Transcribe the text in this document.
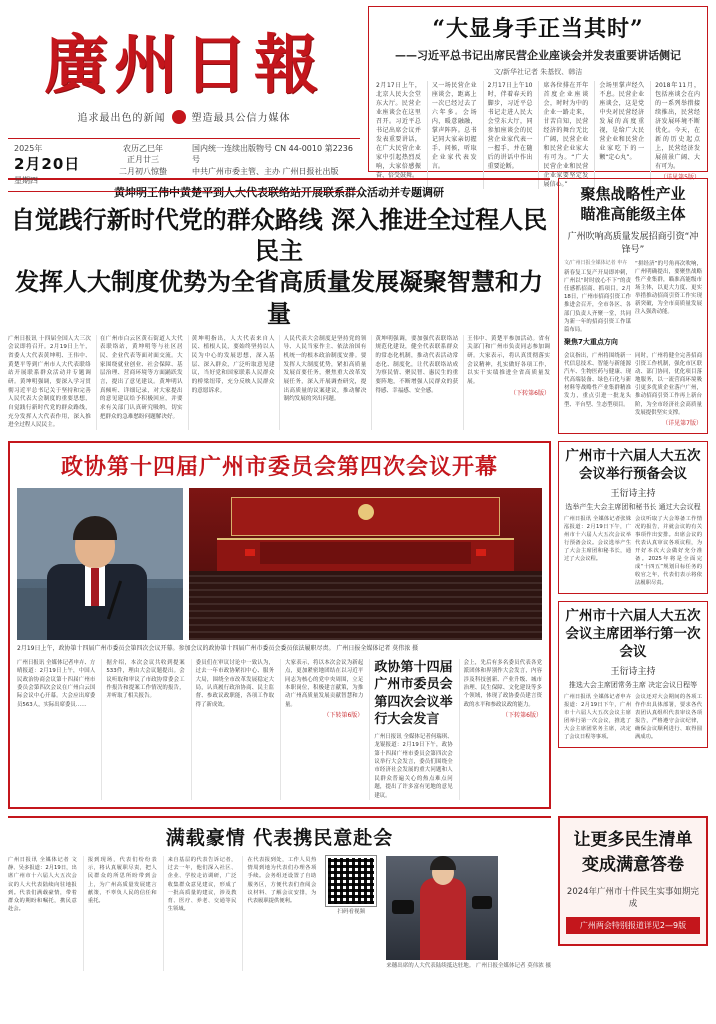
廣州日報
追求最出色的新闻	塑造最具公信力媒体
2025年
2月20日
星期四
农历乙巳年
正月廿三
二月初八惊蛰
国内统一连续出版物号 CN 44-0010 第2236号
中共广州市委主管、主办 广州日报社出版
“大显身手正当其时”
——习近平总书记出席民营企业座谈会并发表重要讲话侧记
文/新华社记者 朱基钗、韩洁
2月17日上午，北京人民大会堂东大厅。民营企业座谈会在这里召开。习近平总书记出席会议并发表重要讲话，在广大民营企业家中引起热烈反响，大家倍感振奋、倍受鼓舞。
又一场民营企业座谈会，距离上一次已经过去了六年多。会场内，暖意融融，掌声阵阵。总书记同大家亲切握手、问候，听取企业家代表发言。
2月17日上午10时，伴着春天的脚步，习近平总书记走进人民大会堂东大厅，同参加座谈会的民营企业家代表一一握手，并在随后的讲话中作出重要论断。
席各位排在开年首度企业座谈会，时时为中的企业一路走来，甘苦自知，民营经济的舞台无比广阔，民营企业和民营企业家大有可为。“广大民营企业和民营企业家要坚定发展信心。”
会场里掌声经久不息。民营企业座谈会，这是党中央对民营经济发展的高度重视，是给广大民营企业和民营企业家吃下的一颗“定心丸”。
2018年11月，包括座谈会在内的一系列举措接续推出，民营经济发展环境不断优化。今天，在新的历史起点上，民营经济发展前景广阔、大有可为。
（详见第5版）
黄坤明王伟中黄楚平到人大代表联络站开展联系群众活动并专题调研
自觉践行新时代党的群众路线 深入推进全过程人民民主
发挥人大制度优势为全省高质量发展凝聚智慧和力量
广州日报讯 十四届全国人大三次会议即将召开。2月19日上午，省委人大代表黄坤明、王伟中、黄楚平等到广州市人大代表联络站开展联系群众活动并专题调研。黄坤明强调，要深入学习贯彻习近平总书记关于坚持和完善人民代表大会制度的重要思想，自觉践行新时代党的群众路线，充分发挥人大代表作用，深入推进全过程人民民主。
在广州市白云区黄石街道人大代表联络站，黄坤明等与社区居民、企业代表等面对面交流。大家围绕就业创业、社会保障、基层治理、营商环境等方面踊跃发言，提出了意见建议。黄坤明认真倾听、详细记录，对大家提出的意见建议给予积极回应，并要求有关部门认真研究吸纳，切实把群众的急难愁盼问题解决好。
黄坤明指出，人大代表来自人民、植根人民，要始终坚持以人民为中心的发展思想，深入基层、深入群众，广泛听取意见建议，当好党和国家联系人民群众的桥梁纽带，充分反映人民群众的意愿诉求。
人民代表大会制度是坚持党的领导、人民当家作主、依法治国有机统一的根本政治制度安排。要发挥人大制度优势，紧扣高质量发展首要任务，聚焦重大改革发展任务，深入开展调查研究，提出高质量的议案建议，推动解决制约发展的突出问题。
黄坤明强调，要加强代表联络站规范化建设，健全代表联系群众的常态化机制，推动代表活动常态化、制度化，让代表联络站成为察民情、聚民智、惠民生的重要阵地，不断增强人民群众的获得感、幸福感、安全感。
王伟中、黄楚平参加活动。省有关部门和广州市负责同志参加调研。大家表示，将认真贯彻落实会议精神，扎实做好各项工作，以实干实绩推进全省高质量发展。
（下转第6版）
聚焦战略性产业
瞄准高能级主体
广州吹响高质量发展招商引资“冲锋号”
文/广州日报全媒体记者 申卉
新春复工复产开局即冲刺，广州以“时时放心不下”的责任感抓招商、抓项目。2月18日，广州市招商引资工作推进会召开，全市各区、各部门负责人齐聚一堂，共同为新一年的招商引资工作谋篇布局。
“拼经济”的号角再次吹响，广州明确提出，要聚焦战略性产业集群，瞄准高能级市场主体，以更大力度、更实举措推动招商引资工作实现新突破，为全市高质量发展注入强劲动能。
聚焦7大重点方向
会议指出，广州将围绕新一代信息技术、智能与新能源汽车、生物医药与健康、现代高端装备、绿色石化与新材料等战略性产业集群精准发力，重点引进一批龙头型、平台型、生态型项目。
同时，广州将健全完善招商引资工作机制，强化市区联动、部门协同，优化项目落地服务，以一流营商环境吸引更多优质企业落户广州，推动招商引资工作再上新台阶，为全市经济社会高质量发展提供坚实支撑。
（详见第7版）
政协第十四届广州市委员会第四次会议开幕
2月19日上午，政协第十四届广州市委员会第四次会议开幕。参加会议的政协第十四届广州市委员会委员依法履职尽责。 广州日报全媒体记者 莫伟浓 摄
广州日报讯 全媒体记者申卉、方晴报道：2月19日上午，中国人民政治协商会议第十四届广州市委员会第四次会议在广州白云国际会议中心开幕。大会应出席委员563人，实际出席委员……
据介绍，本次会议共收到提案533件，理由大会议题提出。会议听取和审议了市政协常委会工作报告和提案工作情况的报告，并听取了相关报告。
委员们在审议讨论中一致认为，过去一年市政协紧扣中心、服务大局，围绕全市改革发展稳定大局，认真履行政治协商、民主监督、参政议政职能，各项工作取得了新成效。
大家表示，将以本次会议为新起点，更加紧密地团结在以习近平同志为核心的党中央周围，立足本职岗位，积极建言献策，为推动广州高质量发展贡献智慧和力量。
（下转第6版）
政协第十四届广州市委员会 第四次会议举行大会发言
广州日报讯 全媒体记者何瑞琪、龙锟报道：2月19日下午，政协第十四届广州市委员会第四次会议举行大会发言，委员们围绕全市经济社会发展的重大问题和人民群众普遍关心的热点难点问题，提出了许多富有见地的意见建议。
会上，先后有多名委员代表各党派团体和界别作大会发言，内容涉及科技创新、产业升级、城市治理、民生保障、文化建设等多个领域，体现了政协委员建言资政的水平和参政议政的能力。
（下转第6版）
广州市十六届人大五次会议举行预备会议
王衍诗主持
选举产生大会主席团和秘书长 通过大会议程
广州日报讯 全媒体记者张姝泓报道：2月19日下午，广州市十六届人大五次会议举行预备会议。会议选举产生了大会主席团和秘书长，通过了大会议程。
会议听取了大会筹备工作情况的报告，并就会议的有关事项作出安排。出席会议的代表认真审议各项议程，为开好本次大会做好充分准备。2025年将是全面完成“十四五”规划目标任务的收官之年，代表们表示将依法履职尽责。
广州市十六届人大五次会议主席团举行第一次会议
王衍诗主持
推选大会主席团常务主席 决定会议日程等
广州日报讯 全媒体记者申卉报道：2月19日下午，广州市十六届人大五次会议主席团举行第一次会议，推选了大会主席团常务主席，决定了会议日程等事项。
会议还对大会期间的各项工作作出具体部署，要求各代表团认真组织代表审议各项报告，严格遵守会议纪律，确保会议顺利进行、取得圆满成功。
满载豪情 代表携民意赴会
广州日报讯 全媒体记者 文静、吴多报道：2月19日，出席广州市十六届人大五次会议的人大代表陆续向驻地报到。代表们满载豪情，带着群众的期盼和嘱托，携民意赴会。
报到现场，代表们纷纷表示，将认真履职尽责，把人民群众的所思所盼带到会上，为广州高质量发展建言献策，不辜负人民的信任和重托。
来自基层的代表告诉记者，过去一年，他们深入社区、企业、学校走访调研，广泛收集群众意见建议，形成了一批高质量的建议，涉及教育、医疗、养老、交通等民生领域。
在代表报到处，工作人员热情周到地为代表们办理各项手续。会务组还设置了自助服务区，方便代表们查阅会议材料、了解会议安排，为代表履职提供便利。
扫码看视频
来穗出席的人大代表陆续抵达驻地。 广州日报全媒体记者 莫伟浓 摄
让更多民生清单
变成满意答卷
2024年广州市十件民生实事如期完成
广州两会特别报道详见2—9版
